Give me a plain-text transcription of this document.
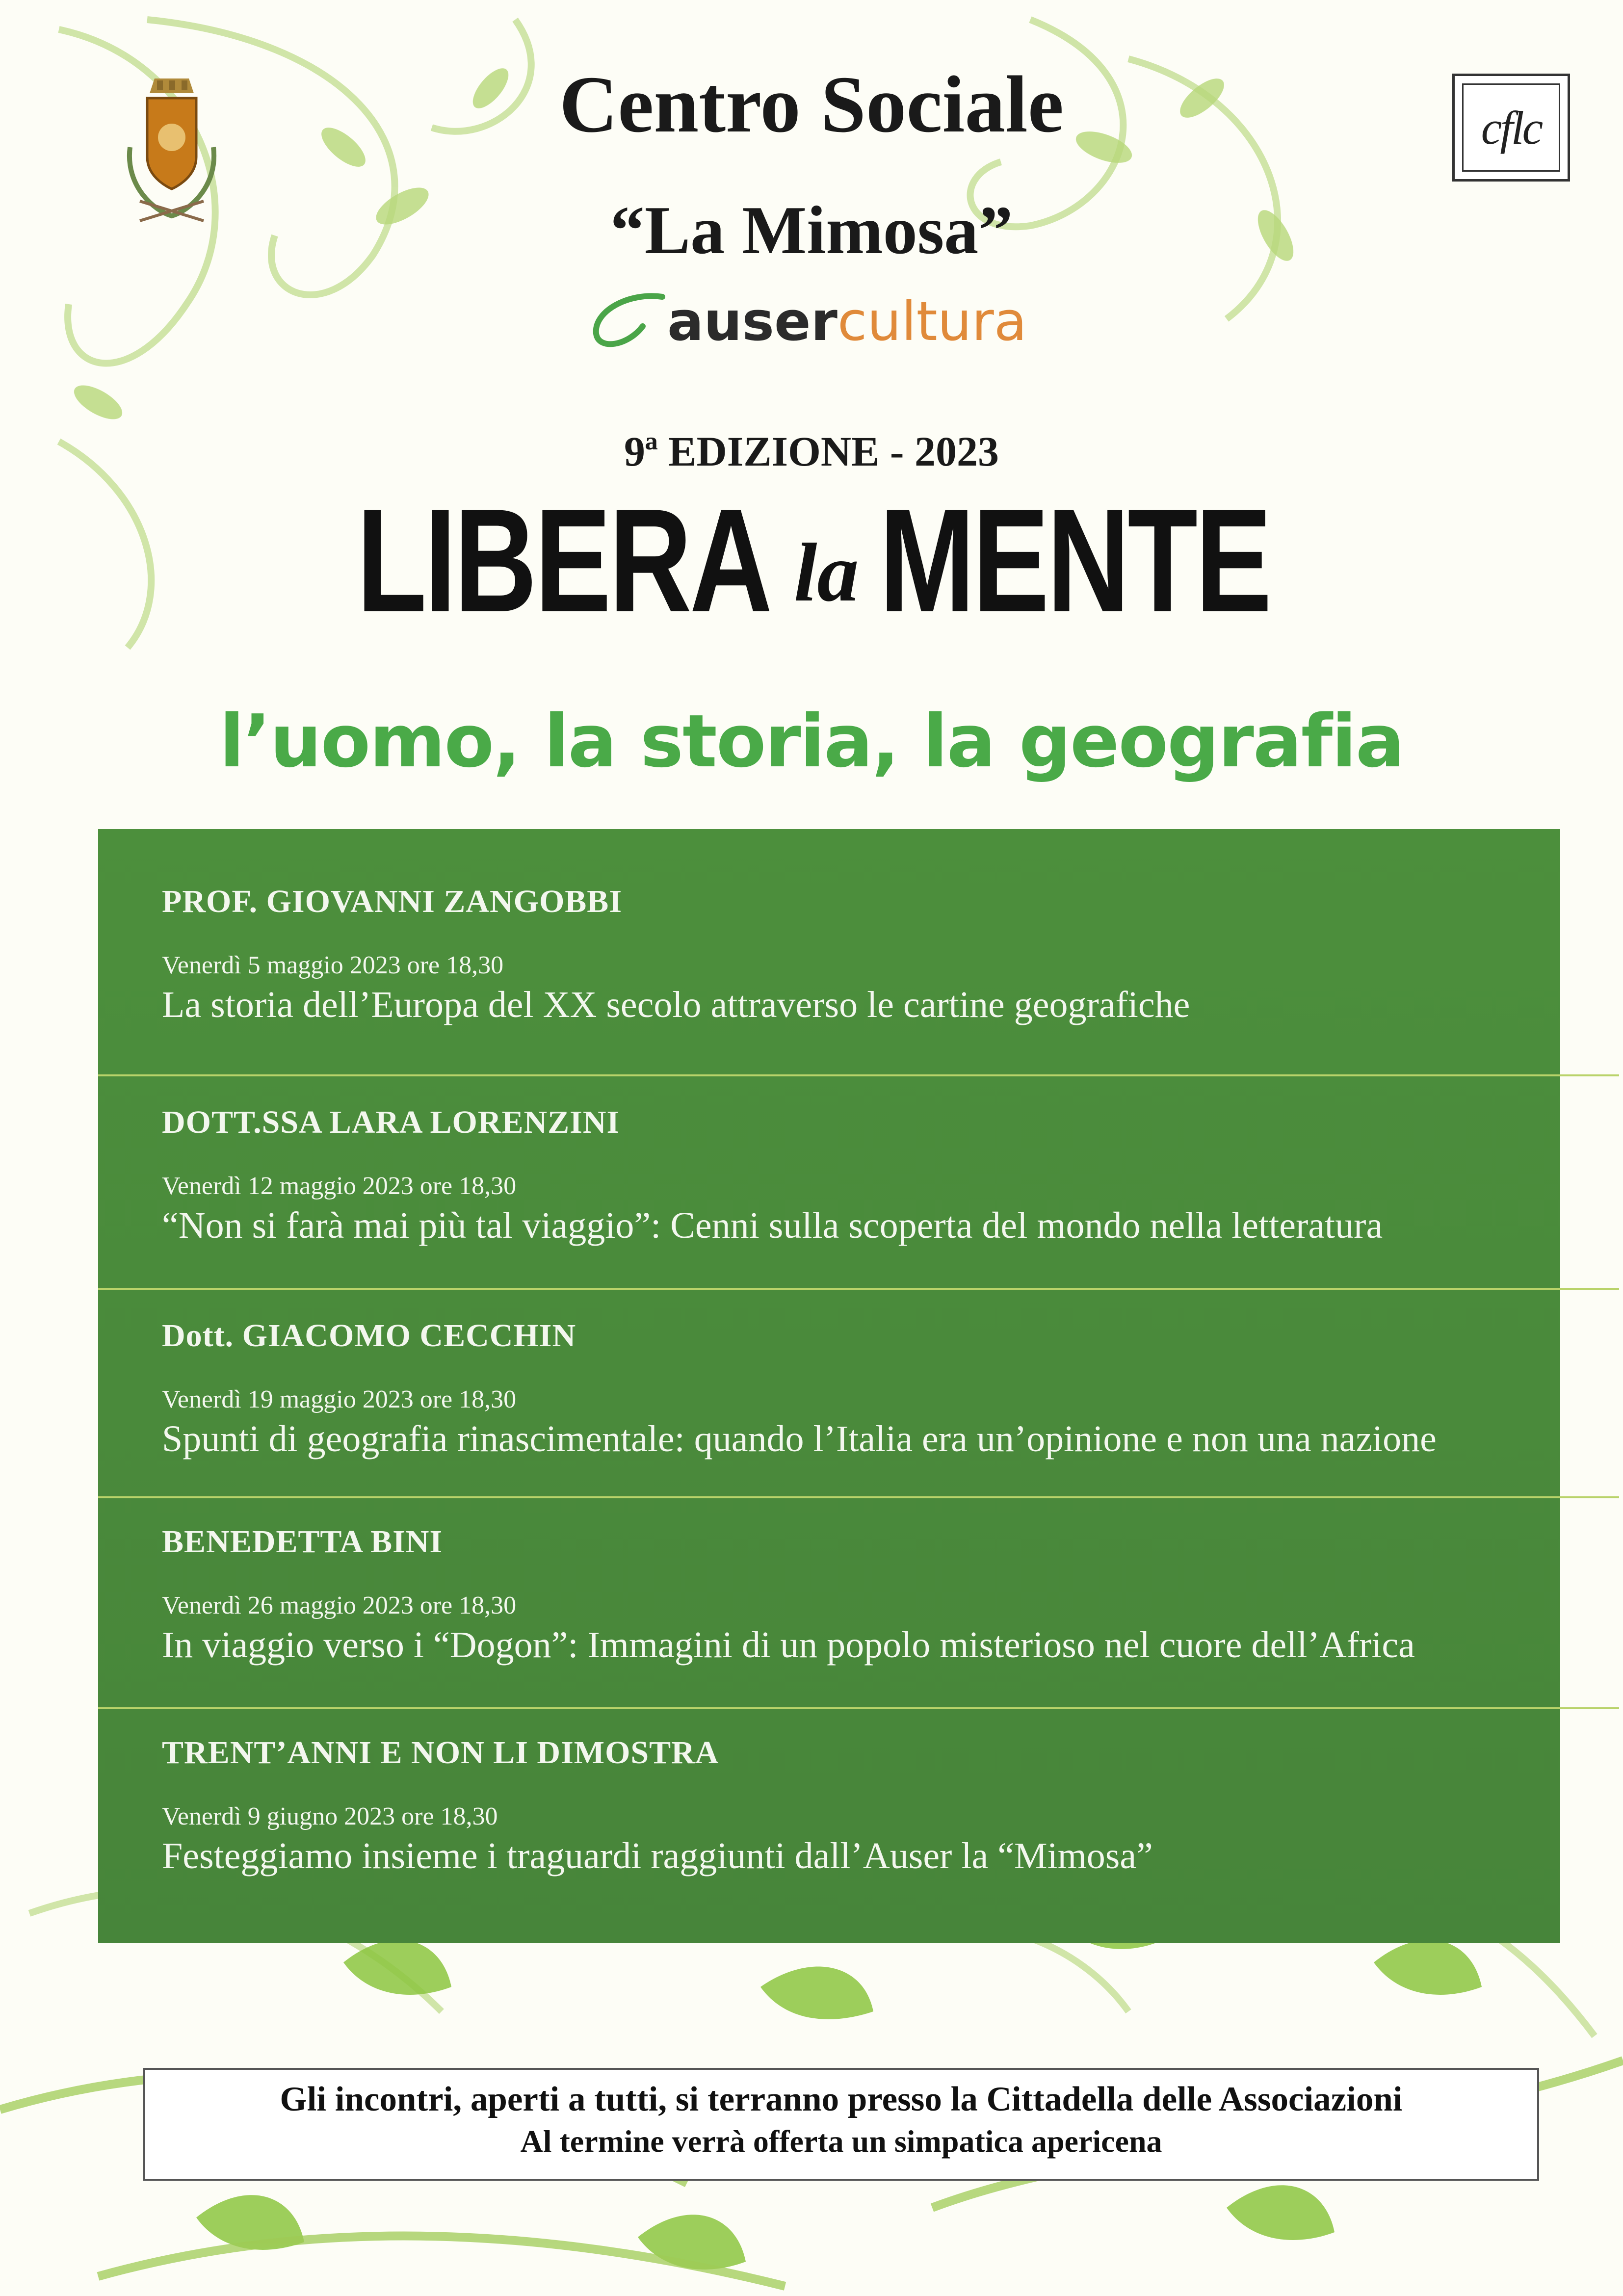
cflc
Centro Sociale
“La Mimosa”
auser cultura
9ª EDIZIONE - 2023
LIBERA la MENTE
l’uomo, la storia, la geografia
PROF. GIOVANNI ZANGOBBI
Venerdì 5 maggio 2023 ore 18,30
La storia dell’Europa del XX secolo attraverso le cartine geografiche
DOTT.SSA LARA LORENZINI
Venerdì 12 maggio 2023 ore 18,30
“Non si farà mai più tal viaggio”: Cenni sulla scoperta del mondo nella letteratura
Dott. GIACOMO CECCHIN
Venerdì 19 maggio 2023 ore 18,30
Spunti di geografia rinascimentale: quando l’Italia era un’opinione e non una nazione
BENEDETTA BINI
Venerdì 26 maggio 2023 ore 18,30
In viaggio verso i “Dogon”: Immagini di un popolo misterioso nel cuore dell’Africa
TRENT’ANNI E NON LI DIMOSTRA
Venerdì 9 giugno 2023 ore 18,30
Festeggiamo insieme i traguardi raggiunti dall’Auser la “Mimosa”
Gli incontri, aperti a tutti, si terranno presso la Cittadella delle Associazioni
Al termine verrà offerta un simpatica apericena
